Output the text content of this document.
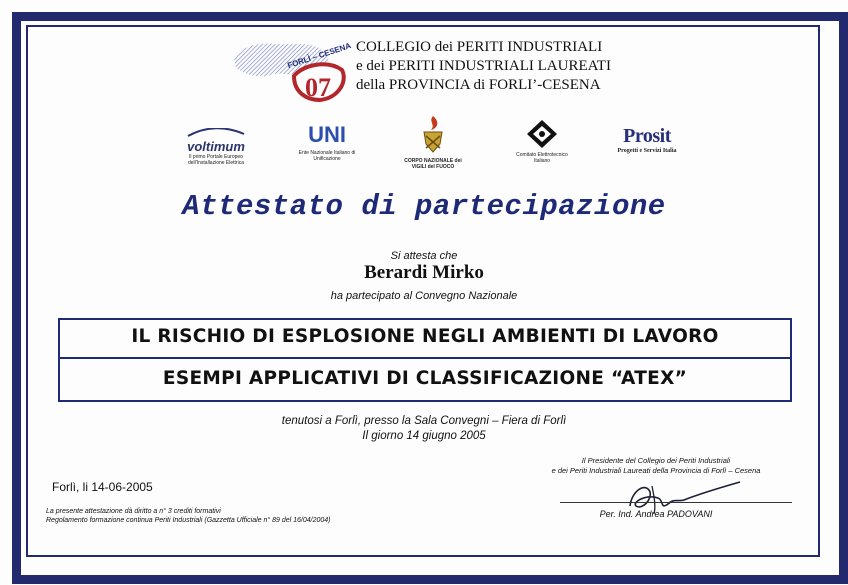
07
FORLÌ – CESENA COLLEGIO dei PERITI INDUSTRIALI
e dei PERITI INDUSTRIALI LAUREATI
della PROVINCIA di FORLI’-CESENA
voltimum
Il primo Portale Europeo dell'Installazione Elettrica
UNI
Ente Nazionale Italiano di Unificazione	CORPO NAZIONALE dei VIGILI del FUOCO
Comitato Elettrotecnico Italiano
Prosit
Progetti e Servizi Italia
Attestato di partecipazione
Si attesta che
Berardi Mirko
ha partecipato al Convegno Nazionale
IL RISCHIO DI ESPLOSIONE NEGLI AMBIENTI DI LAVORO
ESEMPI APPLICATIVI DI CLASSIFICAZIONE “ATEX”
tenutosi a Forlì, presso la Sala Convegni – Fiera di Forlì
Il giorno 14 giugno 2005
Forlì, li 14-06-2005
La presente attestazione dà diritto a n° 3 crediti formativi
Regolamento formazione continua Periti Industriali (Gazzetta Ufficiale n° 89 del 16/04/2004)
Il Presidente del Collegio dei Periti Industriali
e dei Periti Industriali Laureati della Provincia di Forlì – Cesena
Per. Ind. Andrea PADOVANI
